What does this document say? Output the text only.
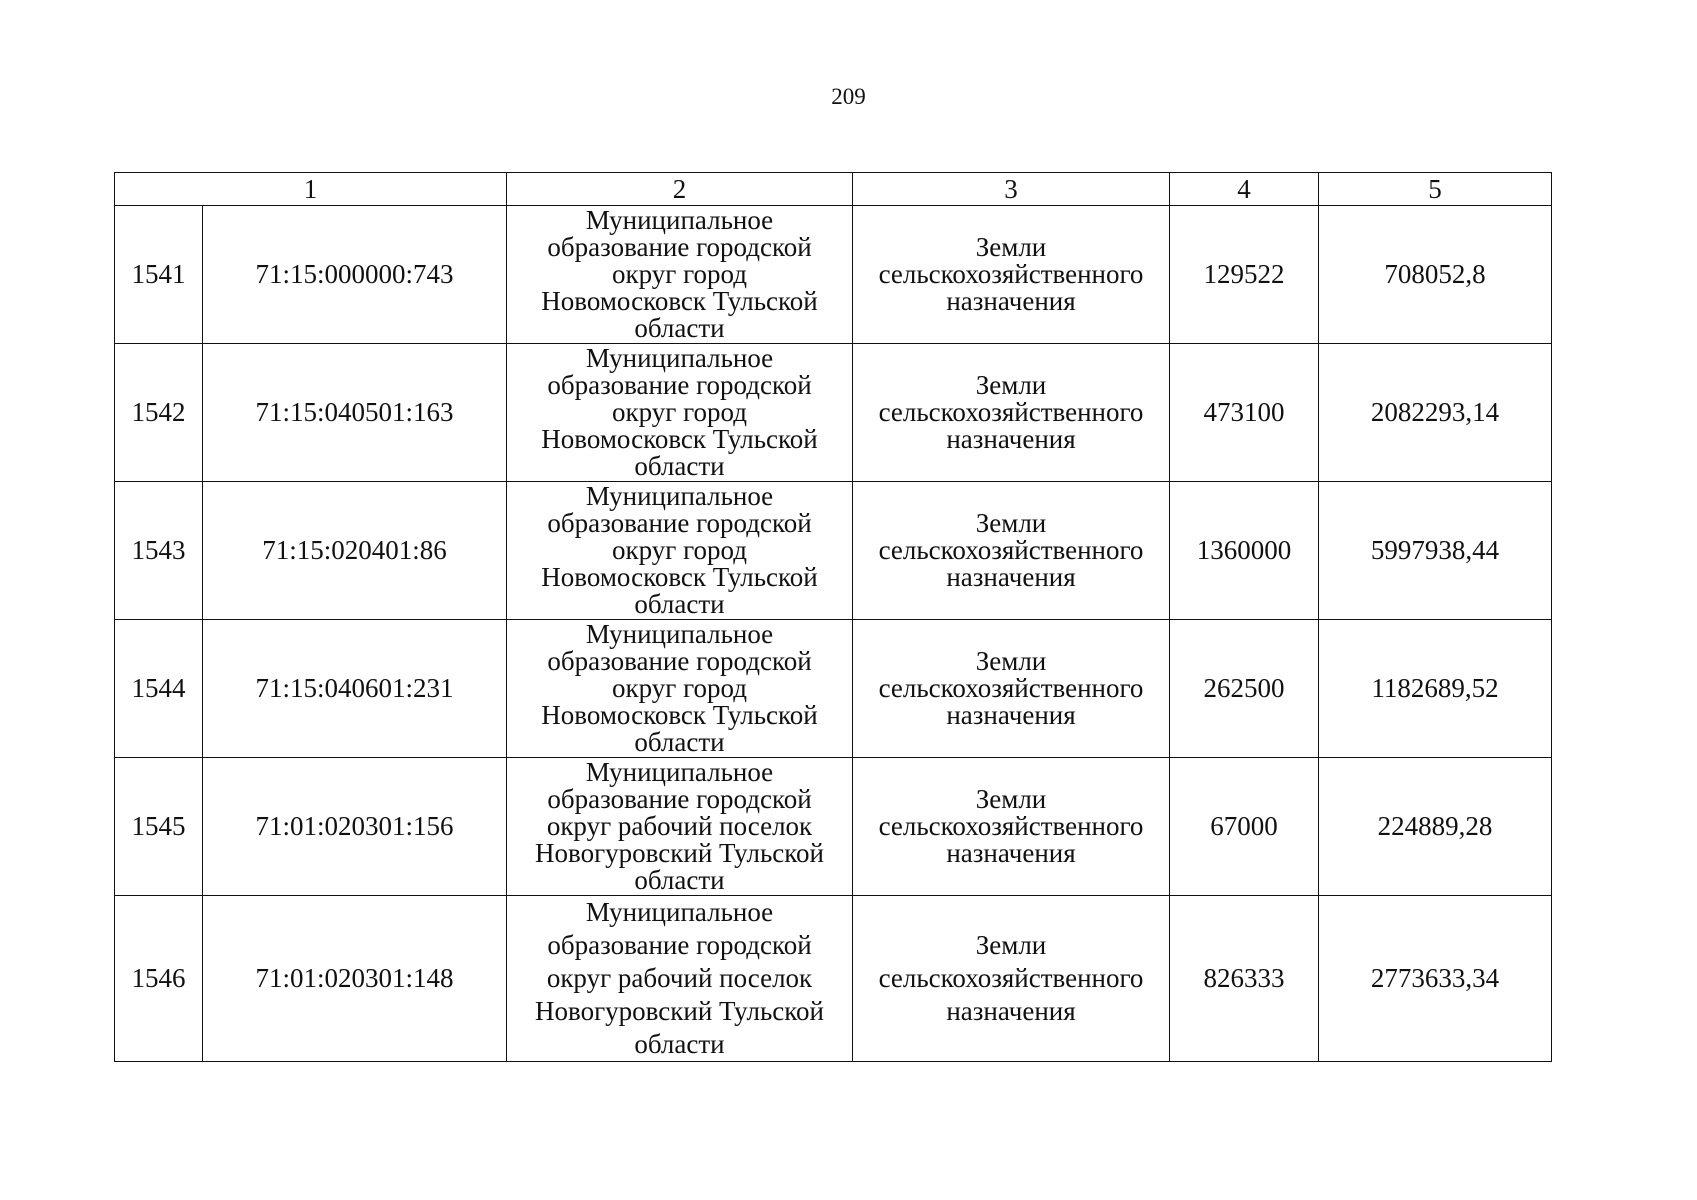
209
1		2	3	4	5
1541	71:15:000000:743	Муниципальное
образование городской
округ город
Новомосковск Тульской
области	Земли
сельскохозяйственного
назначения	129522	708052,8
1542	71:15:040501:163	Муниципальное
образование городской
округ город
Новомосковск Тульской
области	Земли
сельскохозяйственного
назначения	473100	2082293,14
1543	71:15:020401:86	Муниципальное
образование городской
округ город
Новомосковск Тульской
области	Земли
сельскохозяйственного
назначения	1360000	5997938,44
1544	71:15:040601:231	Муниципальное
образование городской
округ город
Новомосковск Тульской
области	Земли
сельскохозяйственного
назначения	262500	1182689,52
1545	71:01:020301:156	Муниципальное
образование городской
округ рабочий поселок
Новогуровский Тульской
области	Земли
сельскохозяйственного
назначения	67000	224889,28
1546	71:01:020301:148	Муниципальное
образование городской
округ рабочий поселок
Новогуровский Тульской
области	Земли
сельскохозяйственного
назначения	826333	2773633,34
